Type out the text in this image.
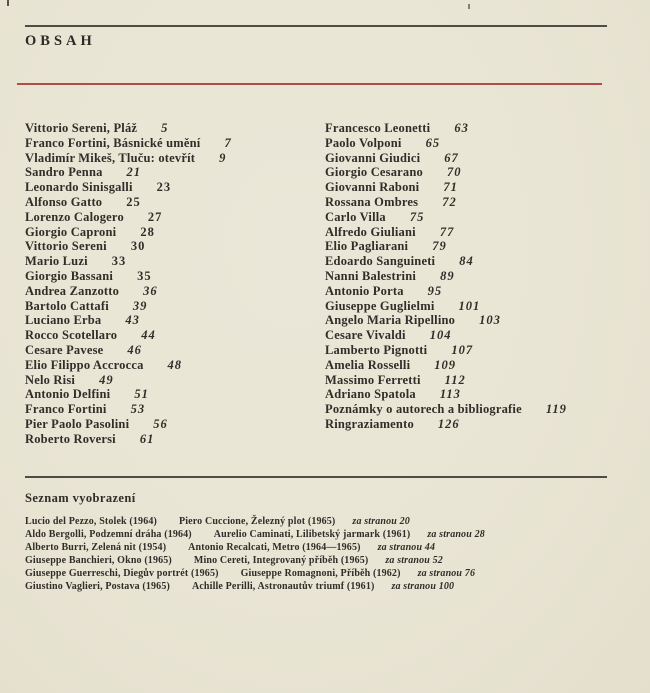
OBSAH
Vittorio Sereni, Pláž 5
Franco Fortini, Básnické umění 7
Vladimír Mikeš, Tluču: otevřít 9
Sandro Penna 21
Leonardo Sinisgalli 23
Alfonso Gatto 25
Lorenzo Calogero 27
Giorgio Caproni 28
Vittorio Sereni 30
Mario Luzi 33
Giorgio Bassani 35
Andrea Zanzotto 36
Bartolo Cattafi 39
Luciano Erba 43
Rocco Scotellaro 44
Cesare Pavese 46
Elio Filippo Accrocca 48
Nelo Risi 49
Antonio Delfini 51
Franco Fortini 53
Pier Paolo Pasolini 56
Roberto Roversi 61
Francesco Leonetti 63
Paolo Volponi 65
Giovanni Giudici 67
Giorgio Cesarano 70
Giovanni Raboni 71
Rossana Ombres 72
Carlo Villa 75
Alfredo Giuliani 77
Elio Pagliarani 79
Edoardo Sanguineti 84
Nanni Balestrini 89
Antonio Porta 95
Giuseppe Guglielmi 101
Angelo Maria Ripellino 103
Cesare Vivaldi 104
Lamberto Pignotti 107
Amelia Rosselli 109
Massimo Ferretti 112
Adriano Spatola 113
Poznámky o autorech a bibliografie 119
Ringraziamento 126
Seznam vyobrazení
Lucio del Pezzo, Stolek (1964) Piero Cuccione, Železný plot (1965) za stranou 20
Aldo Bergolli, Podzemní dráha (1964) Aurelio Caminati, Lilibetský jarmark (1961) za stranou 28
Alberto Burri, Zelená nit (1954) Antonio Recalcati, Metro (1964—1965) za stranou 44
Giuseppe Banchieri, Okno (1965) Mino Cereti, Integrovaný příběh (1965) za stranou 52
Giuseppe Guerreschi, Diegův portrét (1965) Giuseppe Romagnoni, Příběh (1962) za stranou 76
Giustino Vaglieri, Postava (1965) Achille Perilli, Astronautův triumf (1961) za stranou 100
